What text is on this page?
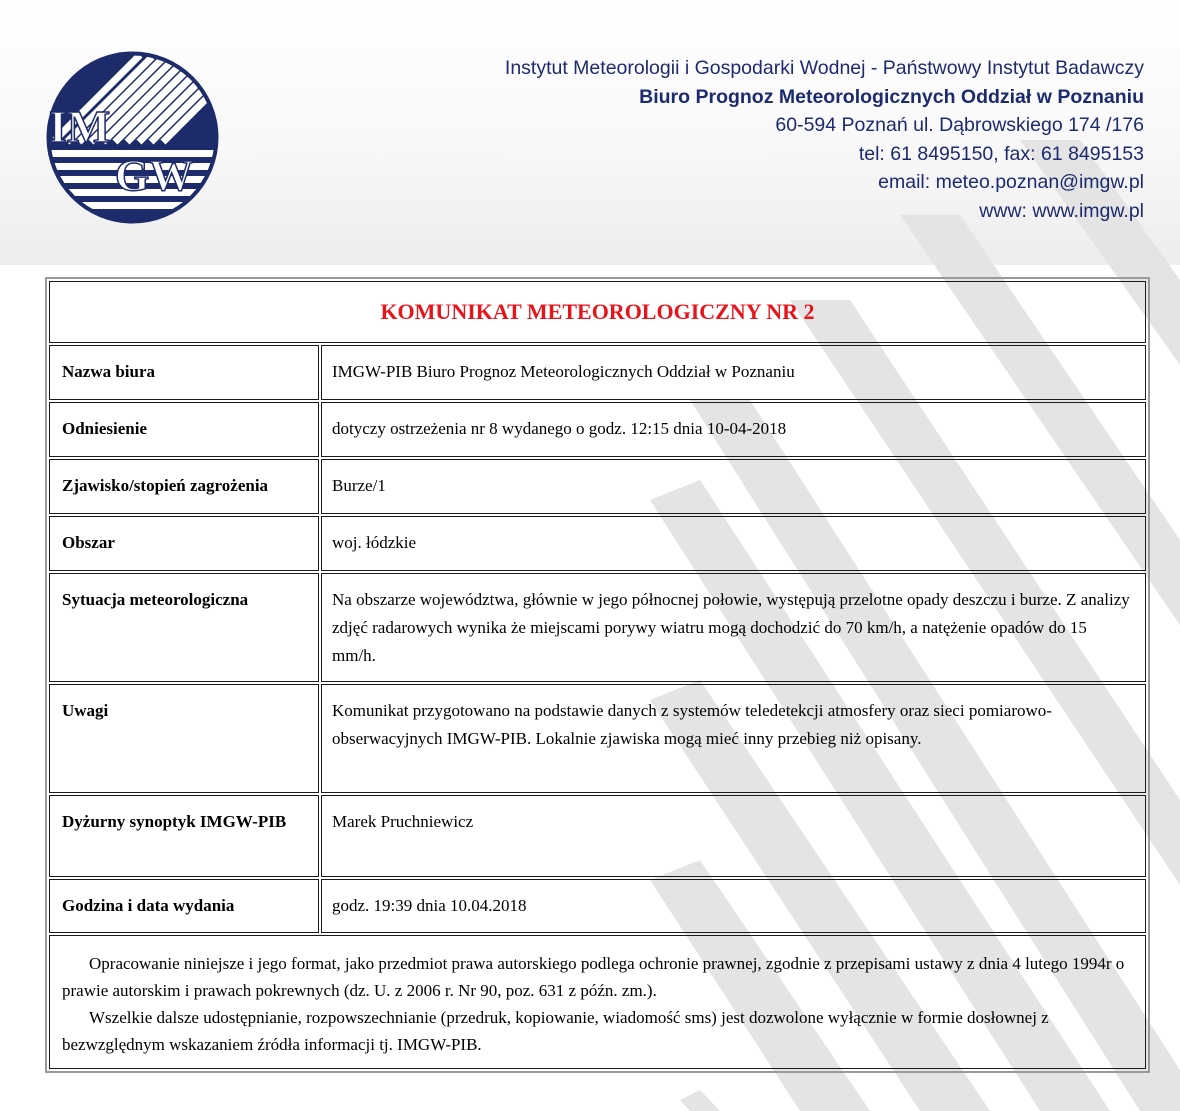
IM
GW
Instytut Meteorologii i Gospodarki Wodnej - Państwowy Instytut Badawczy
Biuro Prognoz Meteorologicznych Oddział w Poznaniu
60-594 Poznań ul. Dąbrowskiego 174 /176
tel: 61 8495150, fax: 61 8495153
email: meteo.poznan@imgw.pl
www: www.imgw.pl
KOMUNIKAT METEOROLOGICZNY NR 2
Nazwa biura	IMGW-PIB Biuro Prognoz Meteorologicznych Oddział w Poznaniu
Odniesienie	dotyczy ostrzeżenia nr 8 wydanego o godz. 12:15 dnia 10-04-2018
Zjawisko/stopień zagrożenia	Burze/1
Obszar	woj. łódzkie
Sytuacja meteorologiczna	Na obszarze województwa, głównie w jego północnej połowie, występują przelotne opady deszczu i burze. Z analizy zdjęć radarowych wynika że miejscami porywy wiatru mogą dochodzić do 70 km/h, a natężenie opadów do 15 mm/h.
Uwagi	Komunikat przygotowano na podstawie danych z systemów teledetekcji atmosfery oraz sieci pomiarowo-obserwacyjnych IMGW-PIB. Lokalnie zjawiska mogą mieć inny przebieg niż opisany.
Dyżurny synoptyk IMGW-PIB	Marek Pruchniewicz
Godzina i data wydania	godz. 19:39 dnia 10.04.2018

Opracowanie niniejsze i jego format, jako przedmiot prawa autorskiego podlega ochronie prawnej, zgodnie z przepisami ustawy z dnia 4 lutego 1994r o prawie autorskim i prawach pokrewnych (dz. U. z 2006 r. Nr 90, poz. 631 z późn. zm.).

Wszelkie dalsze udostępnianie, rozpowszechnianie (przedruk, kopiowanie, wiadomość sms) jest dozwolone wyłącznie w formie dosłownej z bezwzględnym wskazaniem źródła informacji tj. IMGW-PIB.
